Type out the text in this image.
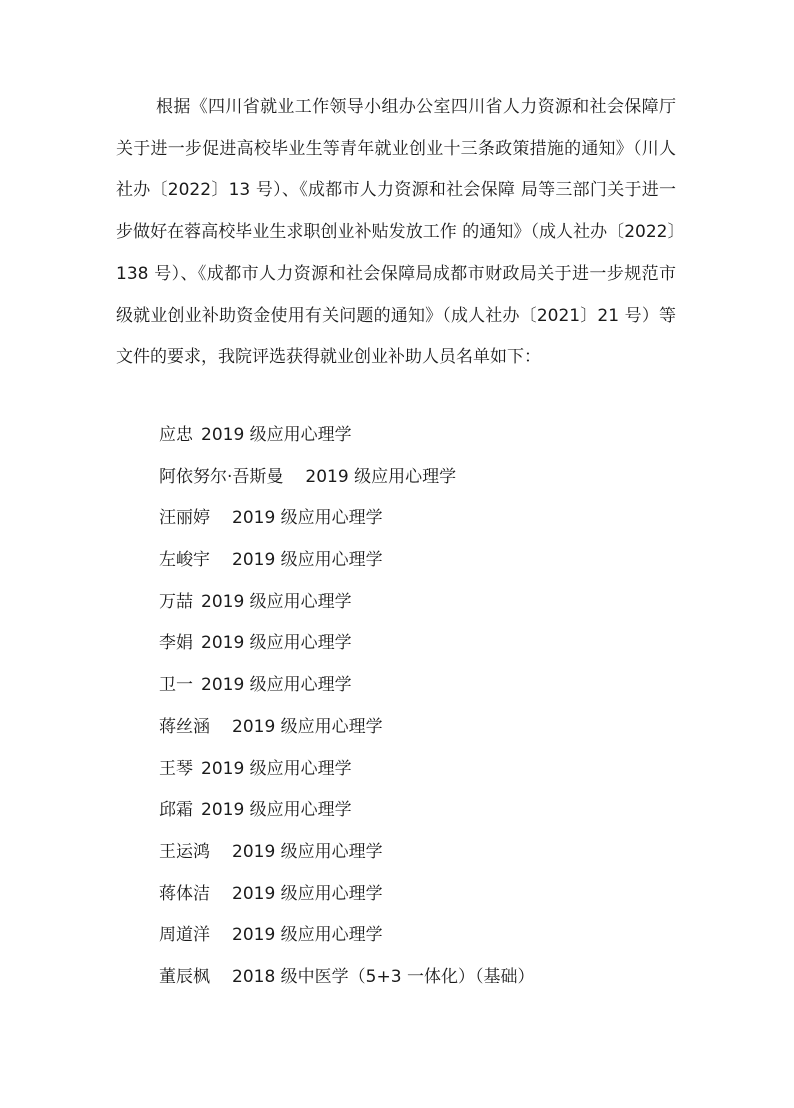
根据《四川省就业工作领导小组办公室四川省人力资源和社会保障厅关于进一步促进高校毕业生等青年就业创业十三条政策措施的通知》（川人社办〔2022〕13 号）、《成都市人力资源和社会保障 局等三部门关于进一步做好在蓉高校毕业生求职创业补贴发放工作 的通知》（成人社办〔2022〕138 号）、《成都市人力资源和社会保障局成都市财政局关于进一步规范市级就业创业补助资金使用有关问题的通知》（成人社办〔2021〕21 号）等文件的要求，我院评选获得就业创业补助人员名单如下：

应忠 2019 级应用心理学
阿依努尔·吾斯曼 2019 级应用心理学
汪丽婷 2019 级应用心理学
左峻宇 2019 级应用心理学
万喆 2019 级应用心理学
李娟 2019 级应用心理学
卫一 2019 级应用心理学
蒋丝涵 2019 级应用心理学
王琴 2019 级应用心理学
邱霜 2019 级应用心理学
王运鸿 2019 级应用心理学
蒋体洁 2019 级应用心理学
周道洋 2019 级应用心理学
董辰枫 2018 级中医学（5+3 一体化）（基础）
